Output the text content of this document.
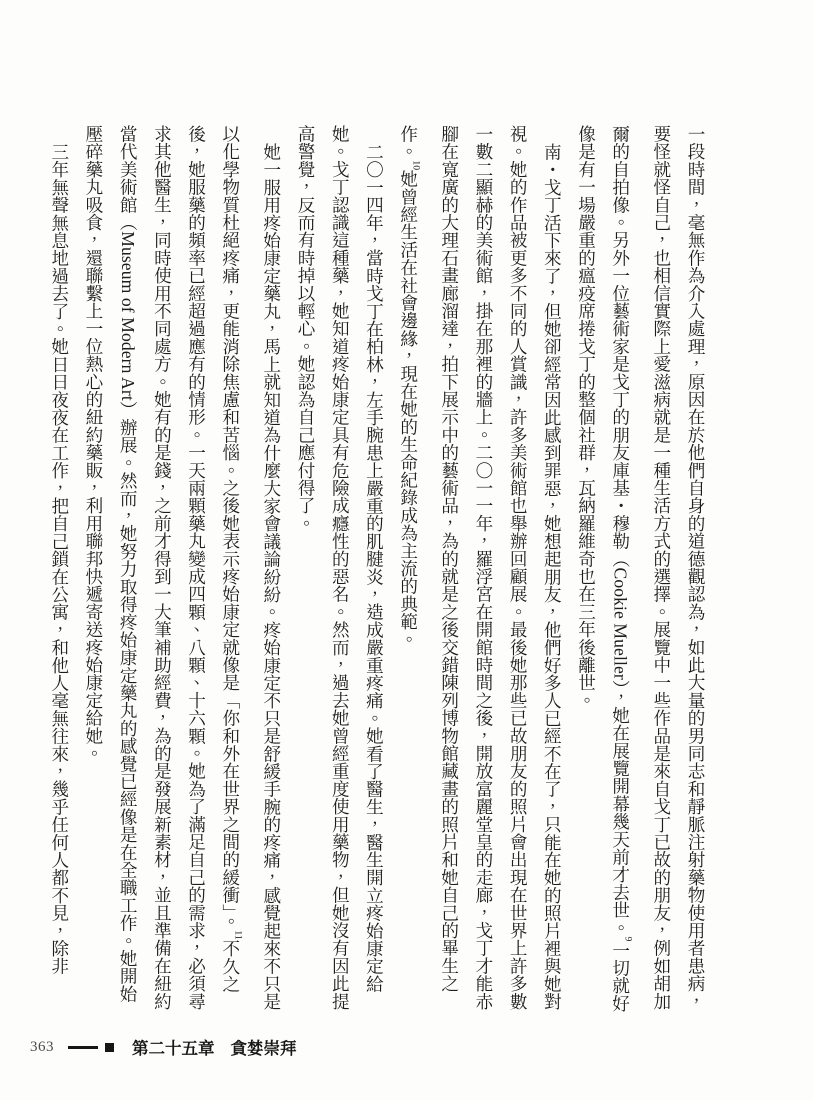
一段時間，毫無作為介入處理，原因在於他們自身的道德觀認為，如此大量的男同志和靜脈注射藥物使用者患病，要怪就怪自己，也相信實際上愛滋病就是一種生活方式的選擇。展覽中一些作品是來自戈丁已故的朋友，例如胡加爾的自拍像。另外一位藝術家是戈丁的朋友庫基・穆勒（Cookie Mueller），她在展覽開幕幾天前才去世。$^9$一切就好像是有一場嚴重的瘟疫席捲戈丁的整個社群，瓦納羅維奇也在三年後離世。

南・戈丁活下來了，但她卻經常因此感到罪惡，她想起朋友，他們好多人已經不在了，只能在她的照片裡與她對視。她的作品被更多不同的人賞識，許多美術館也舉辦回顧展。最後她那些已故朋友的照片會出現在世界上許多數一數二顯赫的美術館，掛在那裡的牆上。二〇一一年，羅浮宮在開館時間之後，開放富麗堂皇的走廊，戈丁才能赤腳在寬廣的大理石畫廊溜達，拍下展示中的藝術品，為的就是之後交錯陳列博物館藏畫的照片和她自己的畢生之作。$^{10}$她曾經生活在社會邊緣，現在她的生命紀錄成為主流的典範。

二〇一四年，當時戈丁在柏林，左手腕患上嚴重的肌腱炎，造成嚴重疼痛。她看了醫生，醫生開立疼始康定給她。戈丁認識這種藥，她知道疼始康定具有危險成癮性的惡名。然而，過去她曾經重度使用藥物，但她沒有因此提高警覺，反而有時掉以輕心。她認為自己應付得了。

她一服用疼始康定藥丸，馬上就知道為什麼大家會議論紛紛。疼始康定不只是舒緩手腕的疼痛，感覺起來不只是以化學物質杜絕疼痛，更能消除焦慮和苦惱。之後她表示疼始康定就像是「你和外在世界之間的緩衝」。$^{11}$不久之後，她服藥的頻率已經超過應有的情形。一天兩顆藥丸變成四顆、八顆、十六顆。她為了滿足自己的需求，必須尋求其他醫生，同時使用不同處方。她有的是錢，之前才得到一大筆補助經費，為的是發展新素材，並且準備在紐約當代美術館（Museum of Modern Art）辦展。然而，她努力取得疼始康定藥丸的感覺已經像是在全職工作。她開始壓碎藥丸吸食，還聯繫上一位熱心的紐約藥販，利用聯邦快遞寄送疼始康定給她。

三年無聲無息地過去了。她日日夜夜在工作，把自己鎖在公寓，和他人毫無往來，幾乎任何人都不見，除非

363	第二十五章 貪婪崇拜
